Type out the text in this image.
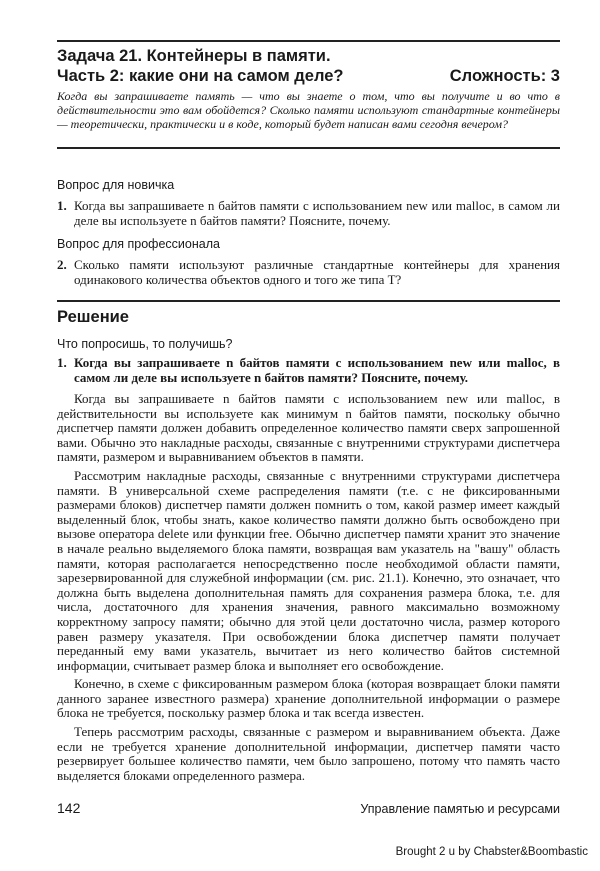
Задача 21. Контейнеры в памяти.
Часть 2: какие они на самом деле?	Сложность: 3
Когда вы запрашиваете память — что вы знаете о том, что вы получите и во что в действительности это вам обойдется? Сколько памяти используют стандартные контейнеры — теоретически, практически и в коде, который будет написан вами сегодня вечером?
Вопрос для новичка
1. Когда вы запрашиваете n байтов памяти с использованием new или malloc, в самом ли деле вы используете n байтов памяти? Поясните, почему.
Вопрос для профессионала
2. Сколько памяти используют различные стандартные контейнеры для хранения одинакового количества объектов одного и того же типа T?
Решение
Что попросишь, то получишь?
1. Когда вы запрашиваете n байтов памяти с использованием new или malloc, в самом ли деле вы используете n байтов памяти? Поясните, почему.

Когда вы запрашиваете n байтов памяти с использованием new или malloc, в действительности вы используете как минимум n байтов памяти, поскольку обычно диспетчер памяти должен добавить определенное количество памяти сверх запрошенной вами. Обычно это накладные расходы, связанные с внутренними структурами диспетчера памяти, размером и выравниванием объектов в памяти.

Рассмотрим накладные расходы, связанные с внутренними структурами диспетчера памяти. В универсальной схеме распределения памяти (т.е. с не фиксированными размерами блоков) диспетчер памяти должен помнить о том, какой размер имеет каждый выделенный блок, чтобы знать, какое количество памяти должно быть освобождено при вызове оператора delete или функции free. Обычно диспетчер памяти хранит это значение в начале реально выделяемого блока памяти, возвращая вам указатель на "вашу" область памяти, которая располагается непосредственно после необходимой области памяти, зарезервированной для служебной информации (см. рис. 21.1). Конечно, это означает, что должна быть выделена дополнительная память для сохранения размера блока, т.е. для числа, достаточного для хранения значения, равного максимально возможному корректному запросу памяти; обычно для этой цели достаточно числа, размер которого равен размеру указателя. При освобождении блока диспетчер памяти получает переданный ему вами указатель, вычитает из него количество байтов системной информации, считывает размер блока и выполняет его освобождение.

Конечно, в схеме с фиксированным размером блока (которая возвращает блоки памяти данного заранее известного размера) хранение дополнительной информации о размере блока не требуется, поскольку размер блока и так всегда известен.

Теперь рассмотрим расходы, связанные с размером и выравниванием объекта. Даже если не требуется хранение дополнительной информации, диспетчер памяти часто резервирует большее количество памяти, чем было запрошено, потому что память часто выделяется блоками определенного размера.

142	Управление памятью и ресурсами
Brought 2 u by Chabster&Boombastic
